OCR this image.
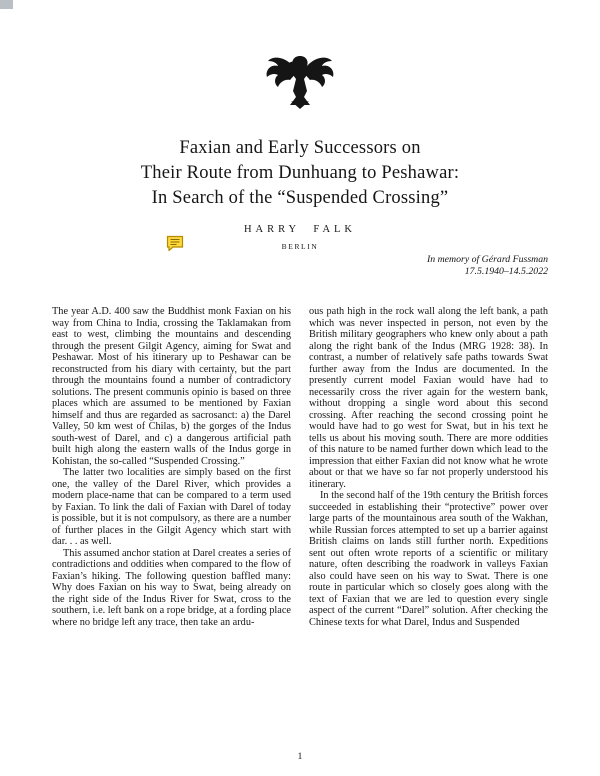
Faxian and Early Successors on
Their Route from Dunhuang to Peshawar:
In Search of the “Suspended Crossing”
HARRY FALK
BERLIN
In memory of Gérard Fussman
17.5.1940–14.5.2022

The year A.D. 400 saw the Buddhist monk Faxian on his way from China to India, crossing the Taklamakan from east to west, climbing the mountains and descending through the present Gilgit Agency, aiming for Swat and Peshawar. Most of his itinerary up to Peshawar can be reconstructed from his diary with certainty, but the part through the mountains found a number of contradictory solutions. The present communis opinio is based on three places which are assumed to be mentioned by Faxian himself and thus are regarded as sacrosanct: a) the Darel Valley, 50 km west of Chilas, b) the gorges of the Indus south-west of Darel, and c) a dangerous artificial path built high along the eastern walls of the Indus gorge in Kohistan, the so-called “Suspended Crossing.”

The latter two localities are simply based on the first one, the valley of the Darel River, which provides a modern place-name that can be compared to a term used by Faxian. To link the dali of Faxian with Darel of today is possible, but it is not compulsory, as there are a number of further places in the Gilgit Agency which start with dar. . . as well.

This assumed anchor station at Darel creates a series of contradictions and oddities when compared to the flow of Faxian’s hiking. The following question baffled many: Why does Faxian on his way to Swat, being already on the right side of the Indus River for Swat, cross to the southern, i.e. left bank on a rope bridge, at a fording place where no bridge left any trace, then take an ardu-

ous path high in the rock wall along the left bank, a path which was never inspected in person, not even by the British military geographers who knew only about a path along the right bank of the Indus (MRG 1928: 38). In contrast, a number of relatively safe paths towards Swat further away from the Indus are documented. In the presently current model Faxian would have had to necessarily cross the river again for the western bank, without dropping a single word about this second crossing. After reaching the second crossing point he would have had to go west for Swat, but in his text he tells us about his moving south. There are more oddities of this nature to be named further down which lead to the impression that either Faxian did not know what he wrote about or that we have so far not properly understood his itinerary.

In the second half of the 19th century the British forces succeeded in establishing their “protective” power over large parts of the mountainous area south of the Wakhan, while Russian forces attempted to set up a barrier against British claims on lands still further north. Expeditions sent out often wrote reports of a scientific or military nature, often describing the roadwork in valleys Faxian also could have seen on his way to Swat. There is one route in particular which so closely goes along with the text of Faxian that we are led to question every single aspect of the current “Darel” solution. After checking the Chinese texts for what Darel, Indus and Suspended

1
